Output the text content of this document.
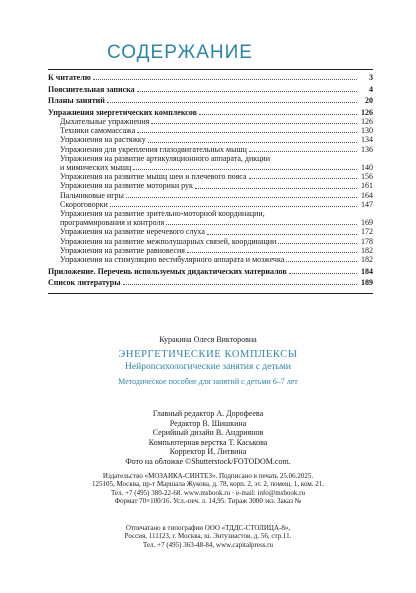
СОДЕРЖАНИЕ
К читателю	3
Пояснительная записка	4
Планы занятий	20
Упражнения энергетических комплексов	126
Дыхательные упражнения	126
Техники самомассажа	130
Упражнения на растяжку	134
Упражнения для укрепления глазодвигательных мышц	136
Упражнения на развитие артикуляционного аппарата, дикции
и мимических мышц	140
Упражнения на развитие мышц шеи и плечевого пояса	156
Упражнения на развитие моторики рук	161
Пальчиковые игры	164
Скороговорки	147
Упражнения на развитие зрительно-моторной координации,
программирования и контроля	169
Упражнения на развитие неречевого слуха	172
Упражнения на развитие межполушарных связей, координации	178
Упражнения на развитие равновесия	182
Упражнения на стимуляцию вестибулярного аппарата и мозжечка	182
Приложение. Перечень используемых дидактических материалов	184
Список литературы	189
Куракина Олеся Викторовна
ЭНЕРГЕТИЧЕСКИЕ КОМПЛЕКСЫ
Нейропсихологические занятия с детьми
Методическое пособие для занятий с детьми 6–7 лет
Главный редактор А. Дорофеева
Редактор В. Шишкина
Серийный дизайн В. Андриянов
Компьютерная верстка Т. Каськова
Корректор И. Литвина
Фото на обложке ©Shutterstock/FOTODOM.com.
Издательство «МОЗАИКА-СИНТЕЗ». Подписано в печать 25.06.2025.
125105, Москва, пр-т Маршала Жукова, д. 78, корп. 2, эт. 2, помещ. 1, ком. 21.
Тел. +7 (495) 380-22-68. www.msbook.ru · e-mail: info@msbook.ru
Формат 70×100/16. Усл.-печ. л. 14,95. Тираж 3000 экз. Заказ №
Отпечатано в типографии ООО «ТДДС-СТОЛИЦА-8»,
Россия, 111123, г. Москва, ш. Энтузиастов, д. 56, стр.11.
Тел. +7 (495) 363-48-84, www.capitalpress.ru
